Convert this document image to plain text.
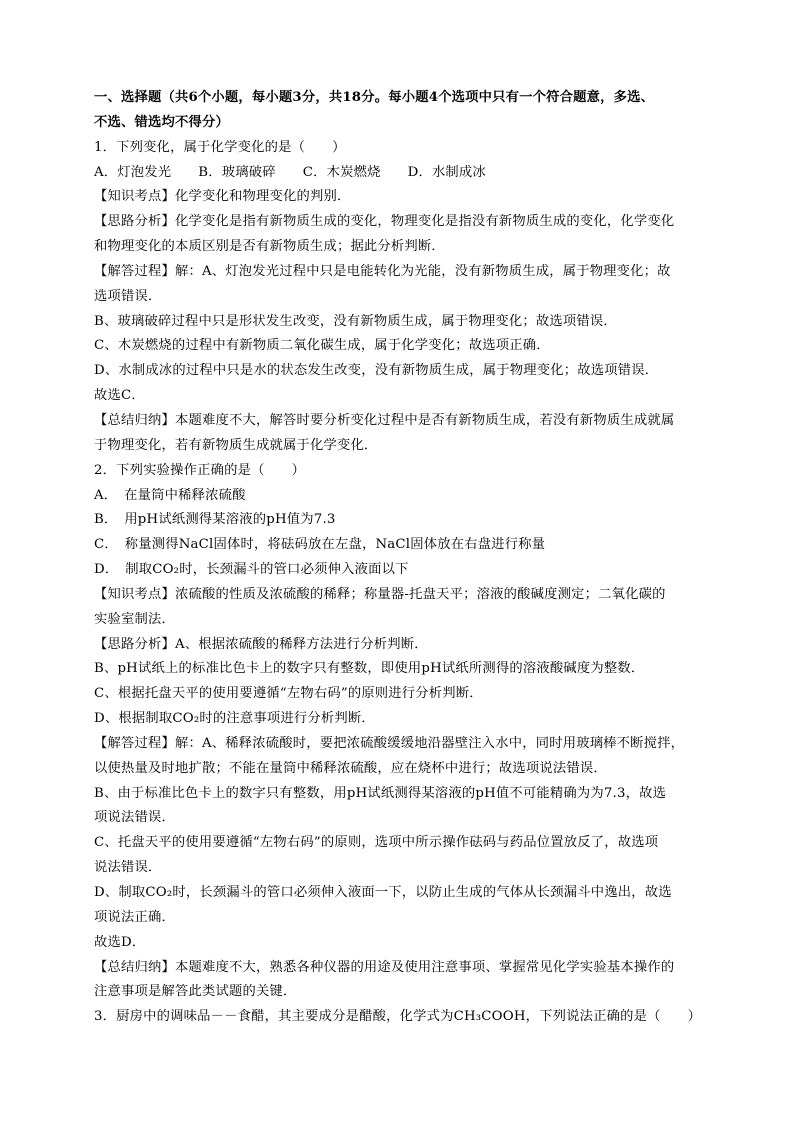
一、选择题（共6个小题，每小题3分，共18分。每小题4个选项中只有一个符合题意，多选、
不选、错选均不得分）
1．下列变化，属于化学变化的是（　　）
A．灯泡发光　　B．玻璃破碎　　C．木炭燃烧　　D．水制成冰
【知识考点】化学变化和物理变化的判别．
【思路分析】化学变化是指有新物质生成的变化，物理变化是指没有新物质生成的变化，化学变化
和物理变化的本质区别是否有新物质生成；据此分析判断．
【解答过程】解：A、灯泡发光过程中只是电能转化为光能，没有新物质生成，属于物理变化；故
选项错误．
B、玻璃破碎过程中只是形状发生改变，没有新物质生成，属于物理变化；故选项错误．
C、木炭燃烧的过程中有新物质二氧化碳生成，属于化学变化；故选项正确．
D、水制成冰的过程中只是水的状态发生改变，没有新物质生成，属于物理变化；故选项错误．
故选C．
【总结归纳】本题难度不大，解答时要分析变化过程中是否有新物质生成，若没有新物质生成就属
于物理变化，若有新物质生成就属于化学变化．
2．下列实验操作正确的是（　　）
A．　在量筒中稀释浓硫酸
B．　用pH试纸测得某溶液的pH值为7.3
C．　称量测得NaCl固体时，将砝码放在左盘，NaCl固体放在右盘进行称量
D．　制取CO₂时，长颈漏斗的管口必须伸入液面以下
【知识考点】浓硫酸的性质及浓硫酸的稀释；称量器-托盘天平；溶液的酸碱度测定；二氧化碳的
实验室制法．
【思路分析】A、根据浓硫酸的稀释方法进行分析判断．
B、pH试纸上的标准比色卡上的数字只有整数，即使用pH试纸所测得的溶液酸碱度为整数．
C、根据托盘天平的使用要遵循“左物右码”的原则进行分析判断．
D、根据制取CO₂时的注意事项进行分析判断．
【解答过程】解：A、稀释浓硫酸时，要把浓硫酸缓缓地沿器壁注入水中，同时用玻璃棒不断搅拌，
以使热量及时地扩散；不能在量筒中稀释浓硫酸，应在烧杯中进行；故选项说法错误．
B、由于标准比色卡上的数字只有整数，用pH试纸测得某溶液的pH值不可能精确为为7.3，故选
项说法错误．
C、托盘天平的使用要遵循“左物右码”的原则，选项中所示操作砝码与药品位置放反了，故选项
说法错误．
D、制取CO₂时，长颈漏斗的管口必须伸入液面一下，以防止生成的气体从长颈漏斗中逸出，故选
项说法正确．
故选D．
【总结归纳】本题难度不大，熟悉各种仪器的用途及使用注意事项、掌握常见化学实验基本操作的
注意事项是解答此类试题的关键．
3．厨房中的调味品－－食醋，其主要成分是醋酸，化学式为CH₃COOH，下列说法正确的是（　　）
